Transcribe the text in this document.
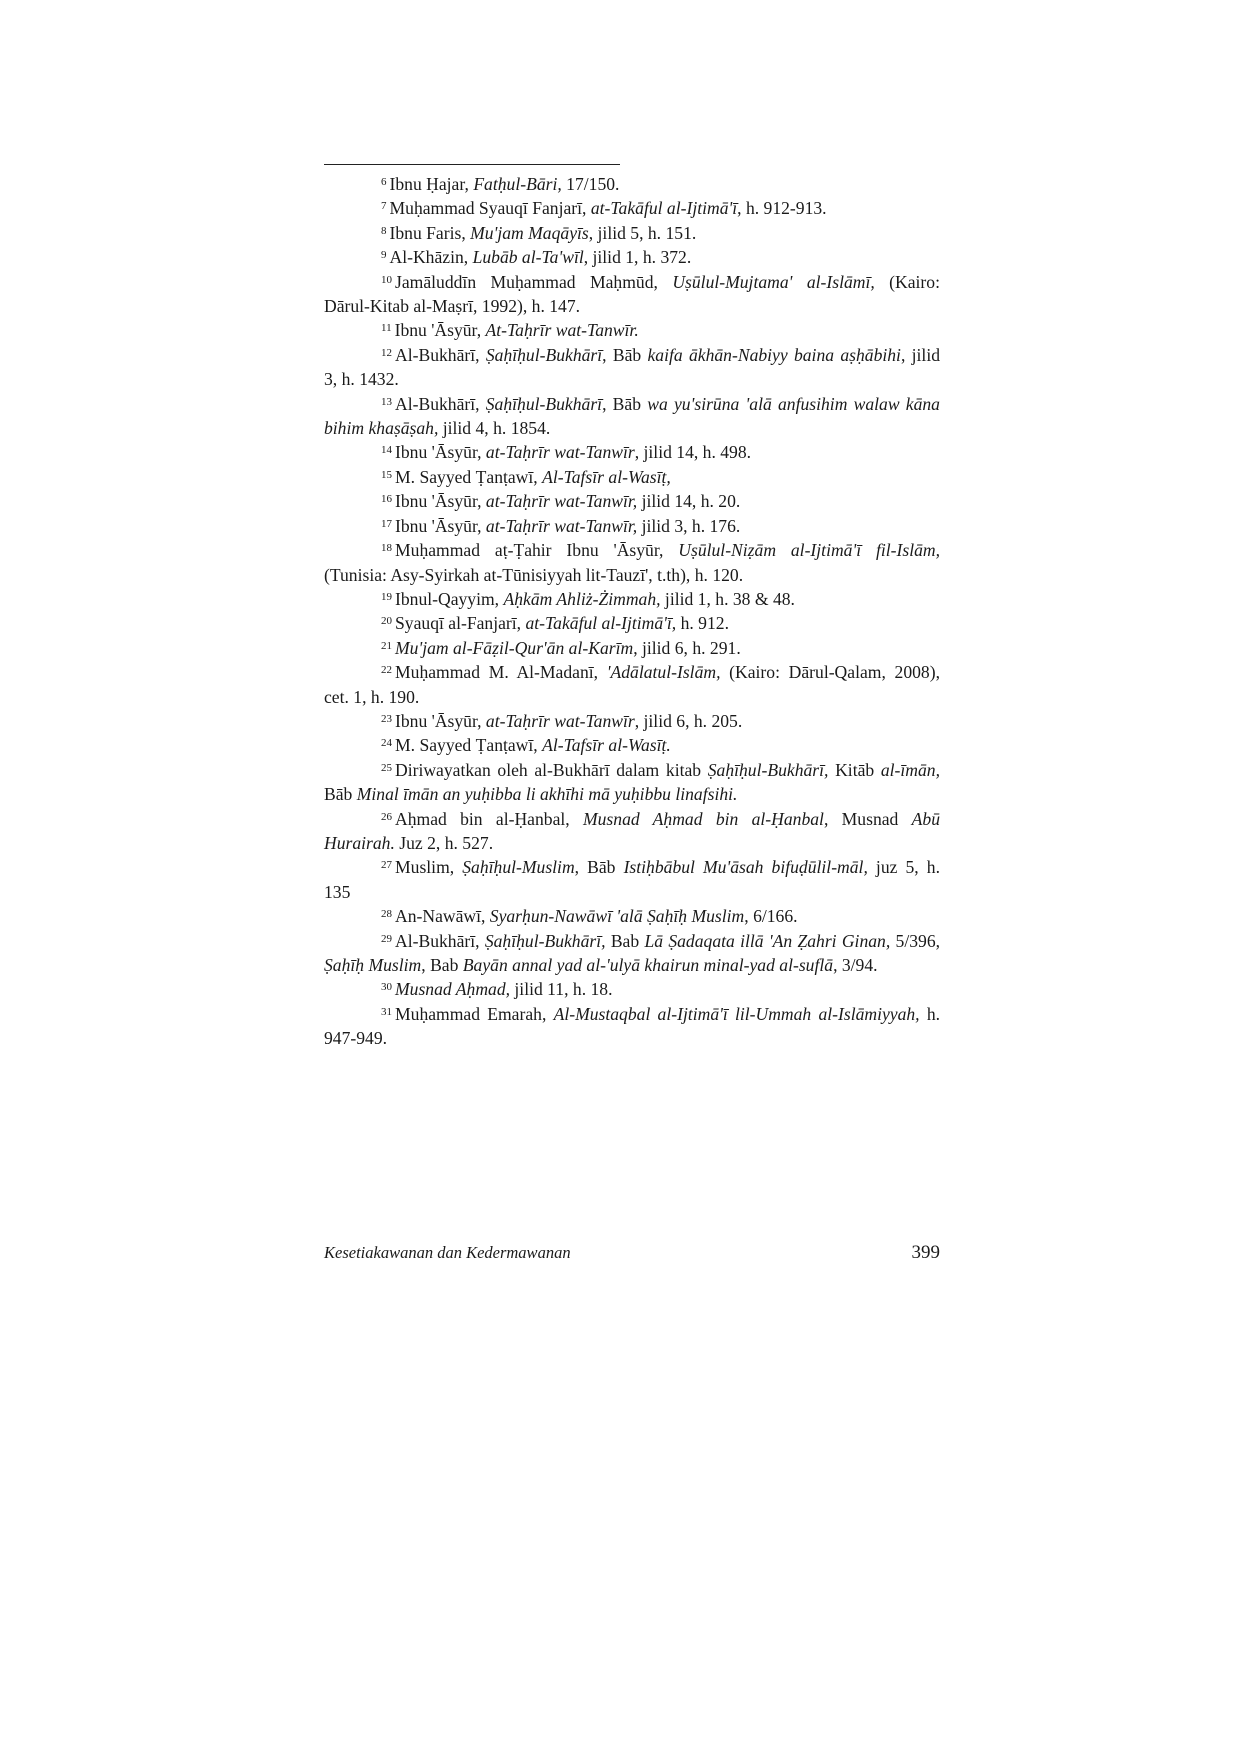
$^6$ Ibnu Ḥajar, Fatḥul-Bāri, 17/150.

$^7$ Muḥammad Syauqī Fanjarī, at-Takāful al-Ijtimā'ī, h. 912-913.

$^8$ Ibnu Faris, Mu'jam Maqāyīs, jilid 5, h. 151.

$^9$ Al-Khāzin, Lubāb al-Ta'wīl, jilid 1, h. 372.

$^{10}$ Jamāluddīn Muḥammad Maḥmūd, Uṣūlul-Mujtama' al-Islāmī, (Kairo: Dārul-Kitab al-Maṣrī, 1992), h. 147.

$^{11}$ Ibnu 'Āsyūr, At-Taḥrīr wat-Tanwīr.

$^{12}$ Al-Bukhārī, Ṣaḥīḥul-Bukhārī, Bāb kaifa ākhān-Nabiyy baina aṣḥābihi, jilid 3, h. 1432.

$^{13}$ Al-Bukhārī, Ṣaḥīḥul-Bukhārī, Bāb wa yu'sirūna 'alā anfusihim walaw kāna bihim khaṣāṣah, jilid 4, h. 1854.

$^{14}$ Ibnu 'Āsyūr, at-Taḥrīr wat-Tanwīr, jilid 14, h. 498.

$^{15}$ M. Sayyed Ṭanṭawī, Al-Tafsīr al-Wasīṭ,

$^{16}$ Ibnu 'Āsyūr, at-Taḥrīr wat-Tanwīr, jilid 14, h. 20.

$^{17}$ Ibnu 'Āsyūr, at-Taḥrīr wat-Tanwīr, jilid 3, h. 176.

$^{18}$ Muḥammad aṭ-Ṭahir Ibnu 'Āsyūr, Uṣūlul-Niẓām al-Ijtimā'ī fil-Islām, (Tunisia: Asy-Syirkah at-Tūnisiyyah lit-Tauzī', t.th), h. 120.

$^{19}$ Ibnul-Qayyim, Aḥkām Ahliż-Żimmah, jilid 1, h. 38 & 48.

$^{20}$ Syauqī al-Fanjarī, at-Takāful al-Ijtimā'ī, h. 912.

$^{21}$ Mu'jam al-Fāẓil-Qur'ān al-Karīm, jilid 6, h. 291.

$^{22}$ Muḥammad M. Al-Madanī, 'Adālatul-Islām, (Kairo: Dārul-Qalam, 2008), cet. 1, h. 190.

$^{23}$ Ibnu 'Āsyūr, at-Taḥrīr wat-Tanwīr, jilid 6, h. 205.

$^{24}$ M. Sayyed Ṭanṭawī, Al-Tafsīr al-Wasīṭ.

$^{25}$ Diriwayatkan oleh al-Bukhārī dalam kitab Ṣaḥīḥul-Bukhārī, Kitāb al-īmān, Bāb Minal īmān an yuḥibba li akhīhi mā yuḥibbu linafsihi.

$^{26}$ Aḥmad bin al-Ḥanbal, Musnad Aḥmad bin al-Ḥanbal, Musnad Abū Hurairah. Juz 2, h. 527.

$^{27}$ Muslim, Ṣaḥīḥul-Muslim, Bāb Istiḥbābul Mu'āsah bifuḍūlil-māl, juz 5, h. 135

$^{28}$ An-Nawāwī, Syarḥun-Nawāwī 'alā Ṣaḥīḥ Muslim, 6/166.

$^{29}$ Al-Bukhārī, Ṣaḥīḥul-Bukhārī, Bab Lā Ṣadaqata illā 'An Ẓahri Ginan, 5/396, Ṣaḥīḥ Muslim, Bab Bayān annal yad al-'ulyā khairun minal-yad al-suflā, 3/94.

$^{30}$ Musnad Aḥmad, jilid 11, h. 18.

$^{31}$ Muḥammad Emarah, Al-Mustaqbal al-Ijtimā'ī lil-Ummah al-Islāmiyyah, h. 947-949.

Kesetiakawanan dan Kedermawanan	399
